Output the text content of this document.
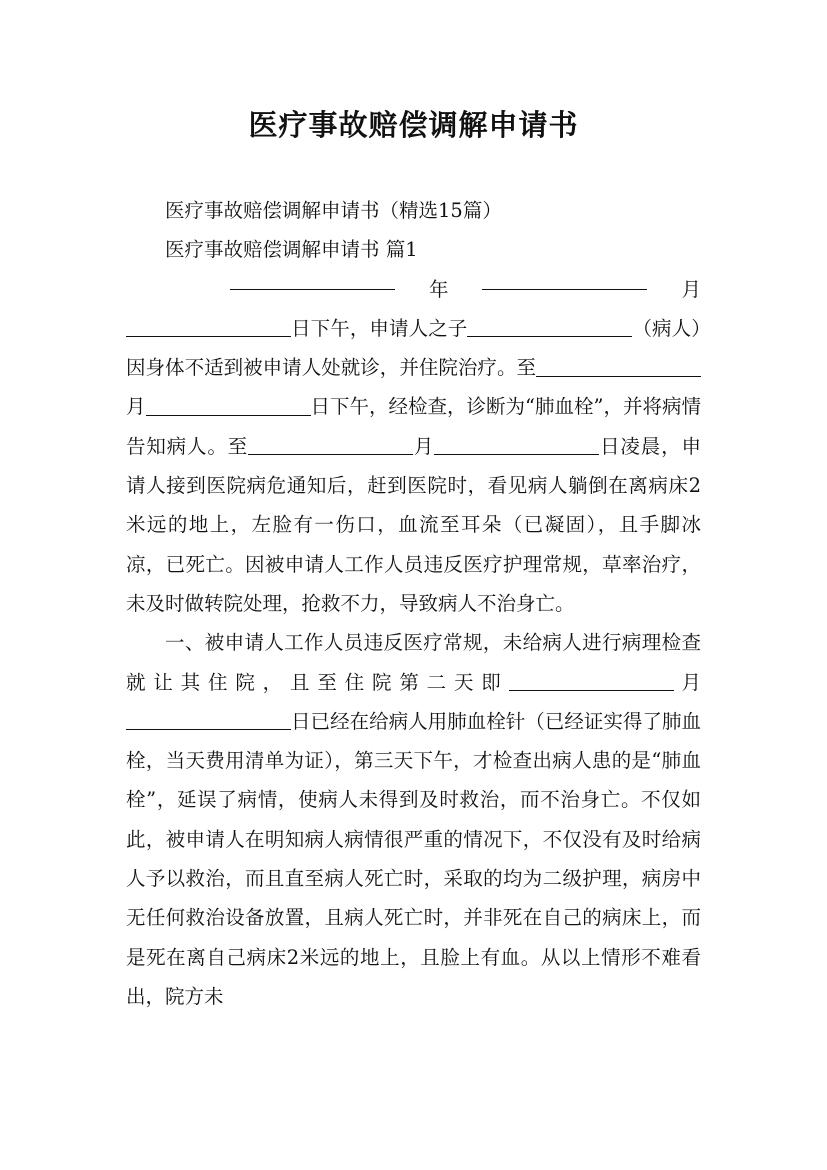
医疗事故赔偿调解申请书

医疗事故赔偿调解申请书（精选15篇）

医疗事故赔偿调解申请书 篇1

年	月

日下午，申请人之子	（病人）因身体不适到被申请人处就诊，并住院治疗。至月	日下午，经检查，诊断为“肺血栓”，并将病情告知病人。至	月	日凌晨，申请人接到医院病危通知后，赶到医院时，看见病人躺倒在离病床2米远的地上，左脸有一伤口，血流至耳朵（已凝固），且手脚冰凉，已死亡。因被申请人工作人员违反医疗护理常规，草率治疗，未及时做转院处理，抢救不力，导致病人不治身亡。

一、被申请人工作人员违反医疗常规，未给病人进行病理检查就让其住院，且至住院第二天即	月日已经在给病人用肺血栓针（已经证实得了肺血栓，当天费用清单为证），第三天下午，才检查出病人患的是“肺血栓”，延误了病情，使病人未得到及时救治，而不治身亡。不仅如此，被申请人在明知病人病情很严重的情况下，不仅没有及时给病人予以救治，而且直至病人死亡时，采取的均为二级护理，病房中无任何救治设备放置，且病人死亡时，并非死在自己的病床上，而是死在离自己病床2米远的地上，且脸上有血。从以上情形不难看出，院方未
